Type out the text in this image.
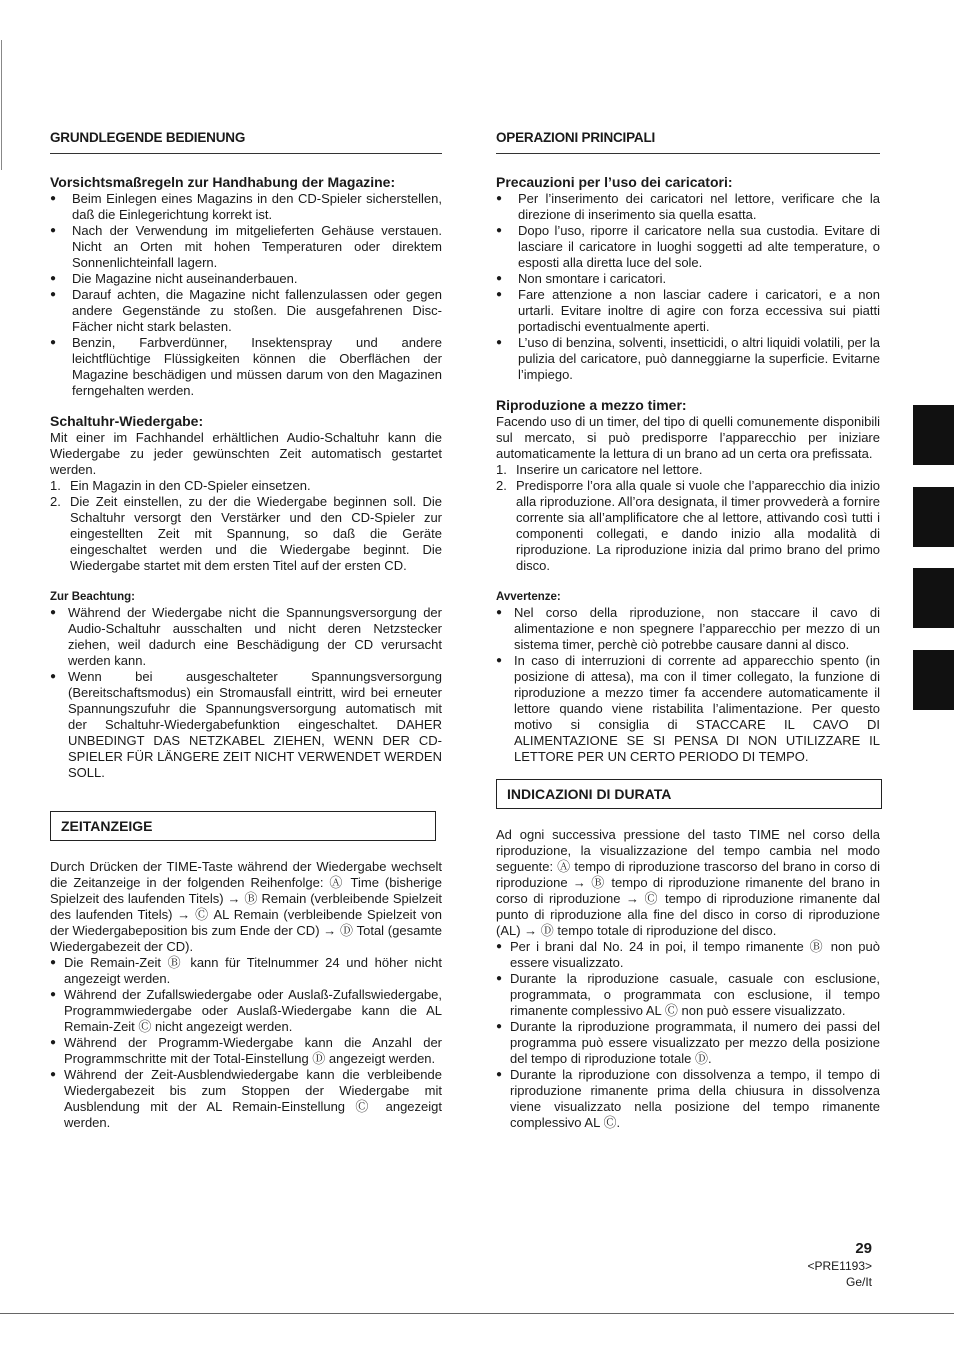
GRUNDLEGENDE BEDIENUNG
Vorsichtsmaßregeln zur Handhabung der Magazine:
● Beim Einlegen eines Magazins in den CD-Spieler sicherstellen, daß die Einlegerichtung korrekt ist.
● Nach der Verwendung im mitgelieferten Gehäuse verstauen. Nicht an Orten mit hohen Temperaturen oder direktem Sonnenlichteinfall lagern.
● Die Magazine nicht auseinanderbauen.
● Darauf achten, die Magazine nicht fallenzulassen oder gegen andere Gegenstände zu stoßen. Die ausgefahrenen Disc-Fächer nicht stark belasten.
● Benzin, Farbverdünner, Insektenspray und andere leichtflüchtige Flüssigkeiten können die Oberflächen der Magazine beschädigen und müssen darum von den Magazinen ferngehalten werden.
Schaltuhr-Wiedergabe:

Mit einer im Fachhandel erhältlichen Audio-Schaltuhr kann die Wiedergabe zu jeder gewünschten Zeit automatisch gestartet werden.

1. Ein Magazin in den CD-Spieler einsetzen.
2. Die Zeit einstellen, zu der die Wiedergabe beginnen soll. Die Schaltuhr versorgt den Verstärker und den CD-Spieler zur eingestellten Zeit mit Spannung, so daß die Geräte eingeschaltet werden und die Wiedergabe beginnt. Die Wiedergabe startet mit dem ersten Titel auf der ersten CD.
Zur Beachtung:
● Während der Wiedergabe nicht die Spannungsversorgung der Audio-Schaltuhr ausschalten und nicht deren Netzstecker ziehen, weil dadurch eine Beschädigung der CD verursacht werden kann.
● Wenn bei ausgeschalteter Spannungsversorgung (Bereitschaftsmodus) ein Stromausfall eintritt, wird bei erneuter Spannungszufuhr die Spannungsversorgung automatisch mit der Schaltuhr-Wiedergabefunktion eingeschaltet. DAHER UNBEDINGT DAS NETZKABEL ZIEHEN, WENN DER CD-SPIELER FÜR LÄNGERE ZEIT NICHT VERWENDET WERDEN SOLL.
ZEITANZEIGE

Durch Drücken der TIME-Taste während der Wiedergabe wechselt die Zeitanzeige in der folgenden Reihenfolge: Ⓐ Time (bisherige Spielzeit des laufenden Titels) → Ⓑ Remain (verbleibende Spielzeit des laufenden Titels) → Ⓒ AL Remain (verbleibende Spielzeit von der Wiedergabeposition bis zum Ende der CD) → Ⓓ Total (gesamte Wiedergabezeit der CD).

● Die Remain-Zeit Ⓑ kann für Titelnummer 24 und höher nicht angezeigt werden.
● Während der Zufallswiedergabe oder Auslaß-Zufallswiedergabe, Programmwiedergabe oder Auslaß-Wiedergabe kann die AL Remain-Zeit Ⓒ nicht angezeigt werden.
● Während der Programm-Wiedergabe kann die Anzahl der Programmschritte mit der Total-Einstellung Ⓓ angezeigt werden.
● Während der Zeit-Ausblendwiedergabe kann die verbleibende Wiedergabezeit bis zum Stoppen der Wiedergabe mit Ausblendung mit der AL Remain-Einstellung Ⓒ angezeigt werden.
OPERAZIONI PRINCIPALI
Precauzioni per l’uso dei caricatori:
● Per l’inserimento dei caricatori nel lettore, verificare che la direzione di inserimento sia quella esatta.
● Dopo l’uso, riporre il caricatore nella sua custodia. Evitare di lasciare il caricatore in luoghi soggetti ad alte temperature, o esposti alla diretta luce del sole.
● Non smontare i caricatori.
● Fare attenzione a non lasciar cadere i caricatori, e a non urtarli. Evitare inoltre di agire con forza eccessiva sui piatti portadischi eventualmente aperti.
● L’uso di benzina, solventi, insetticidi, o altri liquidi volatili, per la pulizia del caricatore, può danneggiarne la superficie. Evitarne l’impiego.
Riproduzione a mezzo timer:

Facendo uso di un timer, del tipo di quelli comunemente disponibili sul mercato, si può predisporre l’apparecchio per iniziare automaticamente la lettura di un brano ad un certa ora prefissata.

1. Inserire un caricatore nel lettore.
2. Predisporre l’ora alla quale si vuole che l’apparecchio dia inizio alla riproduzione. All’ora designata, il timer provvederà a fornire corrente sia all’amplificatore che al lettore, attivando così tutti i componenti collegati, e dando inizio alla modalità di riproduzione. La riproduzione inizia dal primo brano del primo disco.
Avvertenze:
● Nel corso della riproduzione, non staccare il cavo di alimentazione e non spegnere l’apparecchio per mezzo di un sistema timer, perchè ciò potrebbe causare danni al disco.
● In caso di interruzioni di corrente ad apparecchio spento (in posizione di attesa), ma con il timer collegato, la funzione di riproduzione a mezzo timer fa accendere automaticamente il lettore quando viene ristabilita l’alimentazione. Per questo motivo si consiglia di STACCARE IL CAVO DI ALIMENTAZIONE SE SI PENSA DI NON UTILIZZARE IL LETTORE PER UN CERTO PERIODO DI TEMPO.
INDICAZIONI DI DURATA

Ad ogni successiva pressione del tasto TIME nel corso della riproduzione, la visualizzazione del tempo cambia nel modo seguente: Ⓐ tempo di riproduzione trascorso del brano in corso di riproduzione → Ⓑ tempo di riproduzione rimanente del brano in corso di riproduzione → Ⓒ tempo di riproduzione rimanente dal punto di riproduzione alla fine del disco in corso di riproduzione (AL) → Ⓓ tempo totale di riproduzione del disco.

● Per i brani dal No. 24 in poi, il tempo rimanente Ⓑ non può essere visualizzato.
● Durante la riproduzione casuale, casuale con esclusione, programmata, o programmata con esclusione, il tempo rimanente complessivo AL Ⓒ non può essere visualizzato.
● Durante la riproduzione programmata, il numero dei passi del programma può essere visualizzato per mezzo della posizione del tempo di riproduzione totale Ⓓ.
● Durante la riproduzione con dissolvenza a tempo, il tempo di riproduzione rimanente prima della chiusura in dissolvenza viene visualizzato nella posizione del tempo rimanente complessivo AL Ⓒ.
29
<PRE1193>
Ge/It
